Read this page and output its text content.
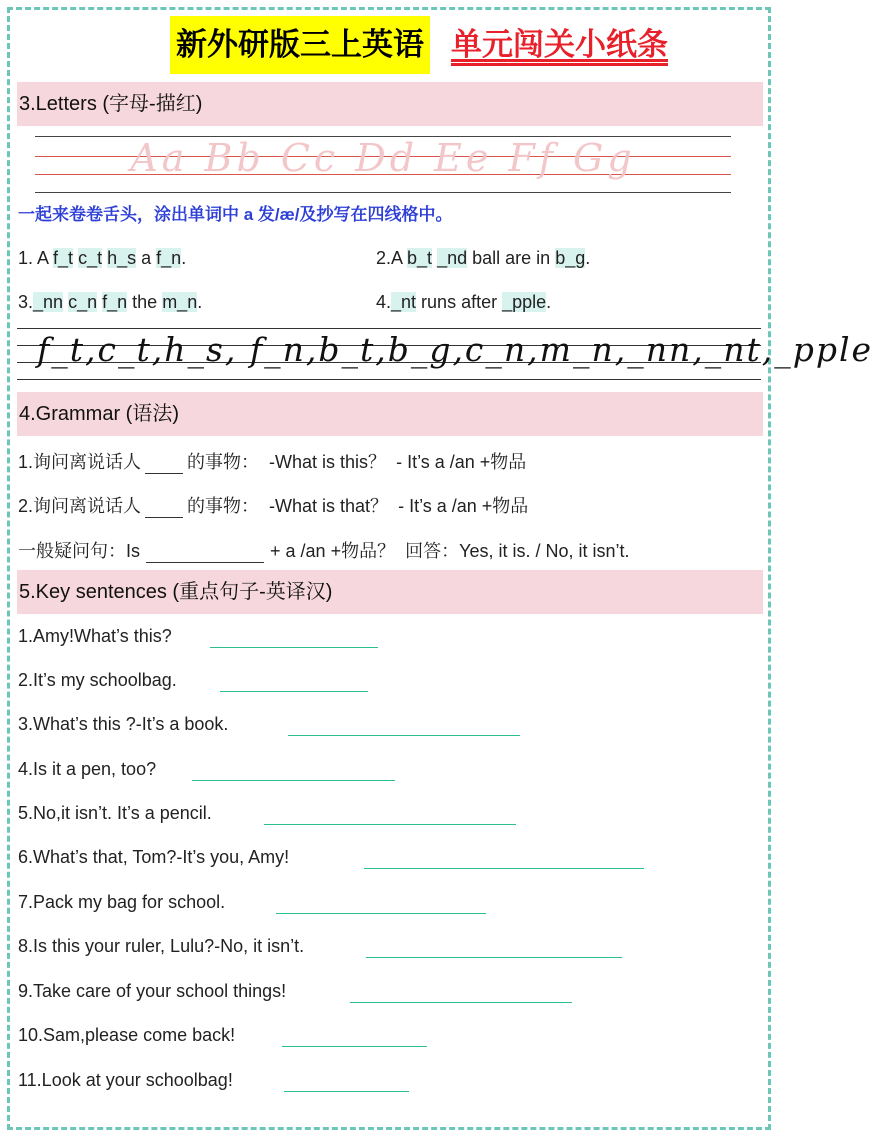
新外研版三上英语 单元闯关小纸条
3.Letters (字母-描红)
Aa Bb Cc Dd Ee Ff Gg
一起来卷卷舌头，涂出单词中 a 发/æ/及抄写在四线格中。
1. A f_t c_t h_s a f_n.	2.A b_t _nd ball are in b_g.
3._nn c_n f_n the m_n.	4._nt runs after _pple.
f_t,c_t,h_s, f_n,b_t,b_g,c_n,m_n,_nn,_nt,_pple
4.Grammar (语法)
1.询问离说话人	的事物： -What is this？ - It’s a /an +物品
2.询问离说话人	的事物： -What is that？ - It’s a /an +物品
一般疑问句：Is	+ a /an +物品？ 回答：Yes, it is. / No, it isn’t.
5.Key sentences (重点句子-英译汉)
1.Amy!What’s this?
2.It’s my schoolbag.
3.What’s this ?-It’s a book.
4.Is it a pen, too?
5.No,it isn’t. It’s a pencil.
6.What’s that, Tom?-It’s you, Amy!
7.Pack my bag for school.
8.Is this your ruler, Lulu?-No, it isn’t.
9.Take care of your school things!
10.Sam,please come back!
11.Look at your schoolbag!
